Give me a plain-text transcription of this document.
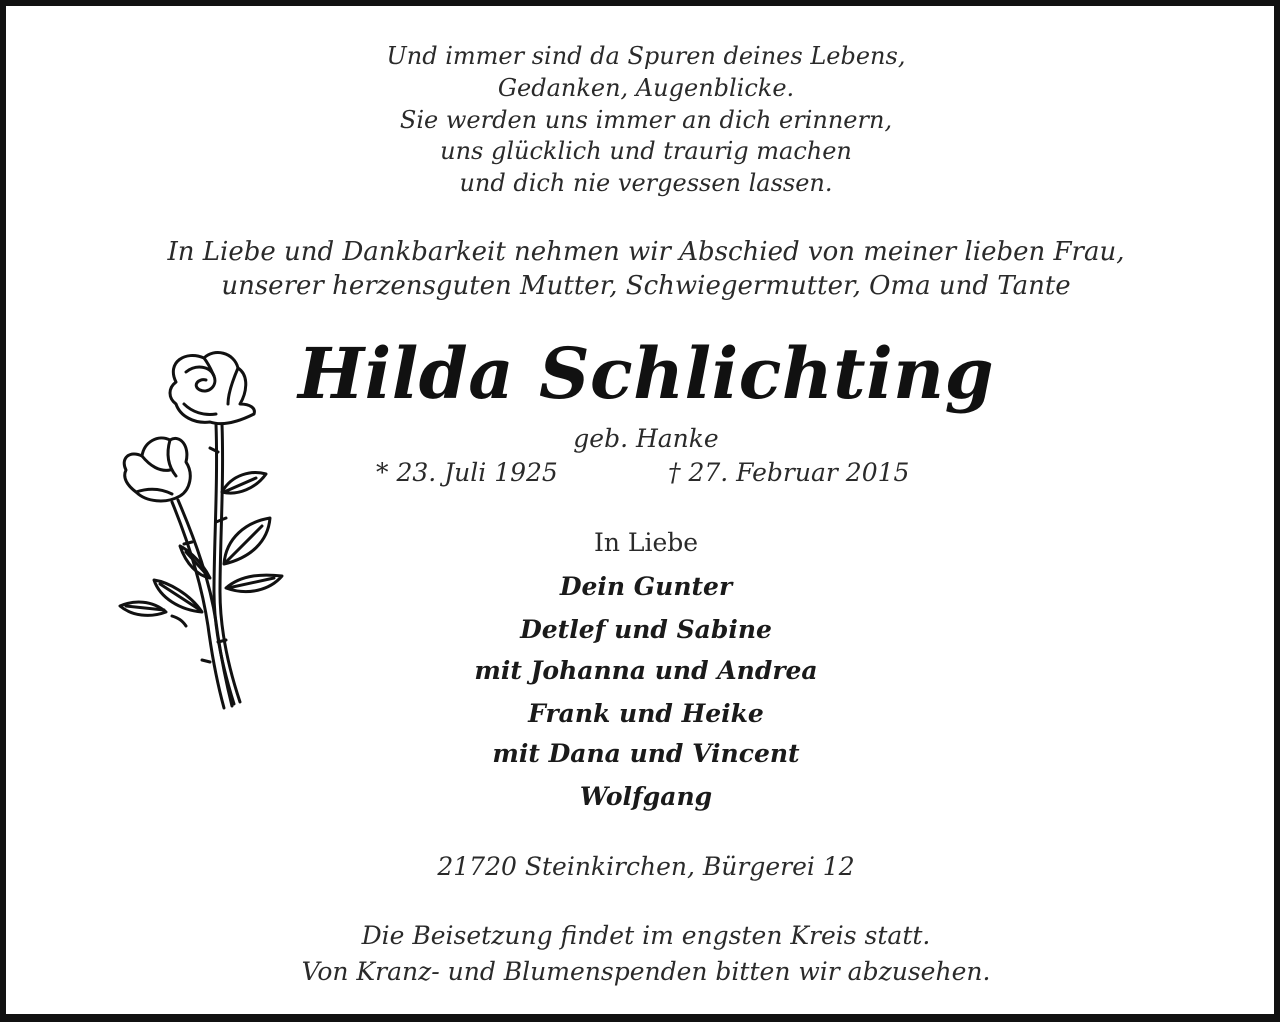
Und immer sind da Spuren deines Lebens,
Gedanken, Augenblicke.
Sie werden uns immer an dich erinnern,
uns glücklich und traurig machen
und dich nie vergessen lassen.
In Liebe und Dankbarkeit nehmen wir Abschied von meiner lieben Frau,
unserer herzensguten Mutter, Schwiegermutter, Oma und Tante
Hilda Schlichting
geb. Hanke
* 23. Juli 1925	† 27. Februar 2015
In Liebe
Dein Gunter
Detlef und Sabine
mit Johanna und Andrea
Frank und Heike
mit Dana und Vincent
Wolfgang
21720 Steinkirchen, Bürgerei 12
Die Beisetzung findet im engsten Kreis statt.
Von Kranz- und Blumenspenden bitten wir abzusehen.
